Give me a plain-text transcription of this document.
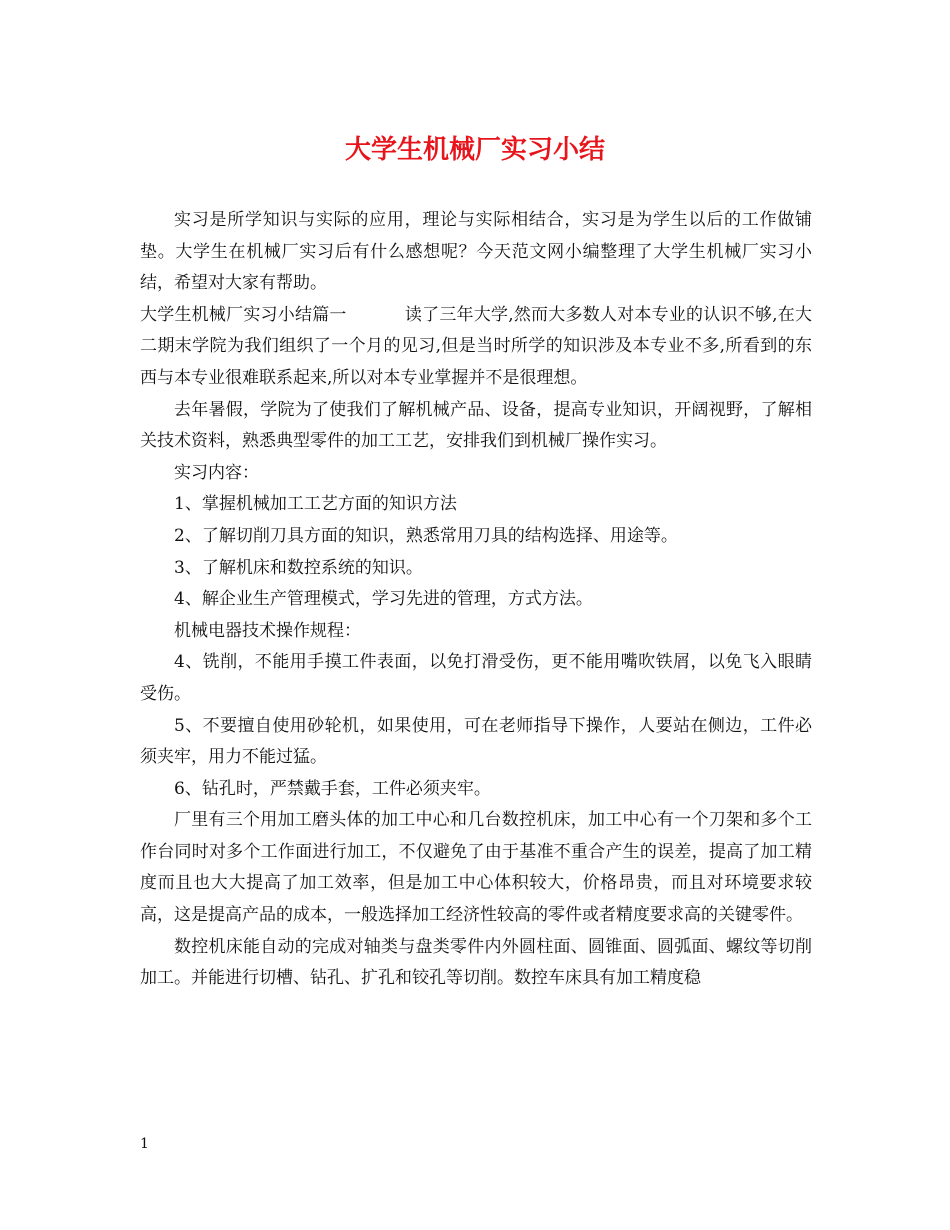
大学生机械厂实习小结

实习是所学知识与实际的应用，理论与实际相结合，实习是为学生以后的工作做铺垫。大学生在机械厂实习后有什么感想呢？今天范文网小编整理了大学生机械厂实习小结，希望对大家有帮助。

大学生机械厂实习小结篇一	读了三年大学,然而大多数人对本专业的认识不够,在大二期末学院为我们组织了一个月的见习,但是当时所学的知识涉及本专业不多,所看到的东西与本专业很难联系起来,所以对本专业掌握并不是很理想。

去年暑假，学院为了使我们了解机械产品、设备，提高专业知识，开阔视野，了解相关技术资料，熟悉典型零件的加工工艺，安排我们到机械厂操作实习。

实习内容：

1、掌握机械加工工艺方面的知识方法

2、了解切削刀具方面的知识，熟悉常用刀具的结构选择、用途等。

3、了解机床和数控系统的知识。

4、解企业生产管理模式，学习先进的管理，方式方法。

机械电器技术操作规程：

4、铣削，不能用手摸工件表面，以免打滑受伤，更不能用嘴吹铁屑，以免飞入眼睛受伤。

5、不要擅自使用砂轮机，如果使用，可在老师指导下操作，人要站在侧边，工件必须夹牢，用力不能过猛。

6、钻孔时，严禁戴手套，工件必须夹牢。

厂里有三个用加工磨头体的加工中心和几台数控机床，加工中心有一个刀架和多个工作台同时对多个工作面进行加工，不仅避免了由于基准不重合产生的误差，提高了加工精度而且也大大提高了加工效率，但是加工中心体积较大，价格昂贵，而且对环境要求较高，这是提高产品的成本，一般选择加工经济性较高的零件或者精度要求高的关键零件。

数控机床能自动的完成对轴类与盘类零件内外圆柱面、圆锥面、圆弧面、螺纹等切削加工。并能进行切槽、钻孔、扩孔和铰孔等切削。数控车床具有加工精度稳

1
